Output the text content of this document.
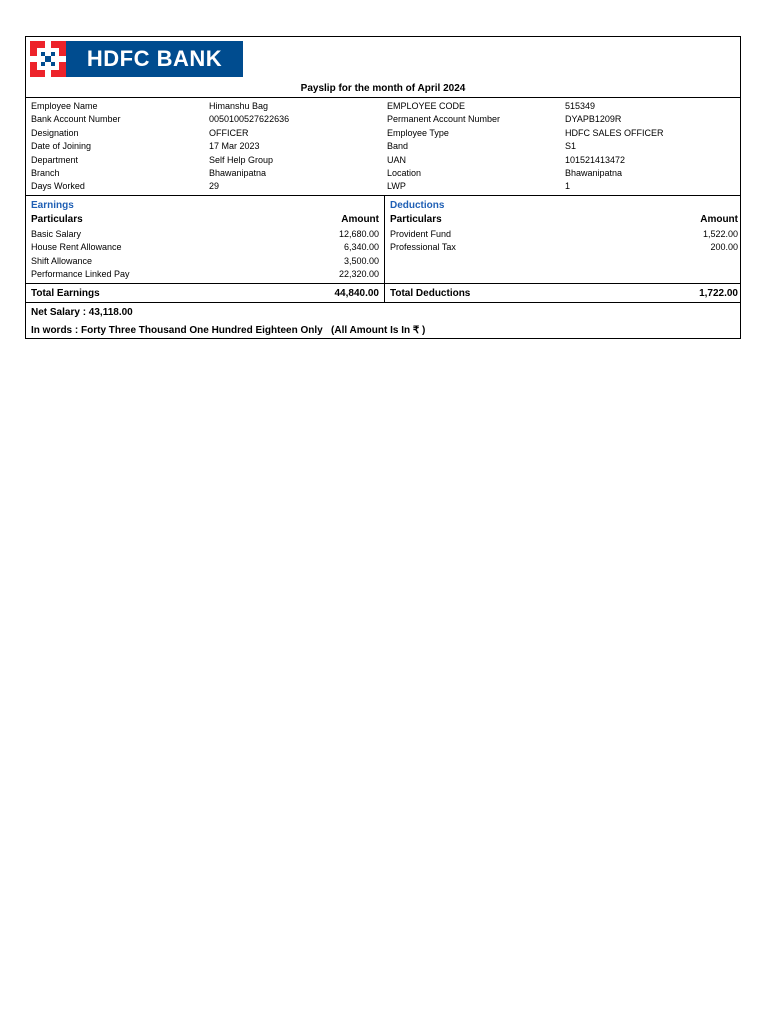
HDFC BANK
Payslip for the month of April 2024
Employee Name	Himanshu Bag	EMPLOYEE CODE	515349
Bank Account Number	0050100527622636	Permanent Account Number	DYAPB1209R
Designation	OFFICER	Employee Type	HDFC SALES OFFICER
Date of Joining	17 Mar 2023	Band	S1
Department	Self Help Group	UAN	101521413472
Branch	Bhawanipatna	Location	Bhawanipatna
Days Worked	29	LWP	1
Earnings
Particulars	Amount
Basic Salary	12,680.00
House Rent Allowance	6,340.00
Shift Allowance	3,500.00
Performance Linked Pay	22,320.00
Deductions
Particulars	Amount
Provident Fund	1,522.00
Professional Tax	200.00
Total Earnings	44,840.00 Total Deductions	1,722.00
Net Salary : 43,118.00
In words : Forty Three Thousand One Hundred Eighteen Only   (All Amount Is In ₹ )
